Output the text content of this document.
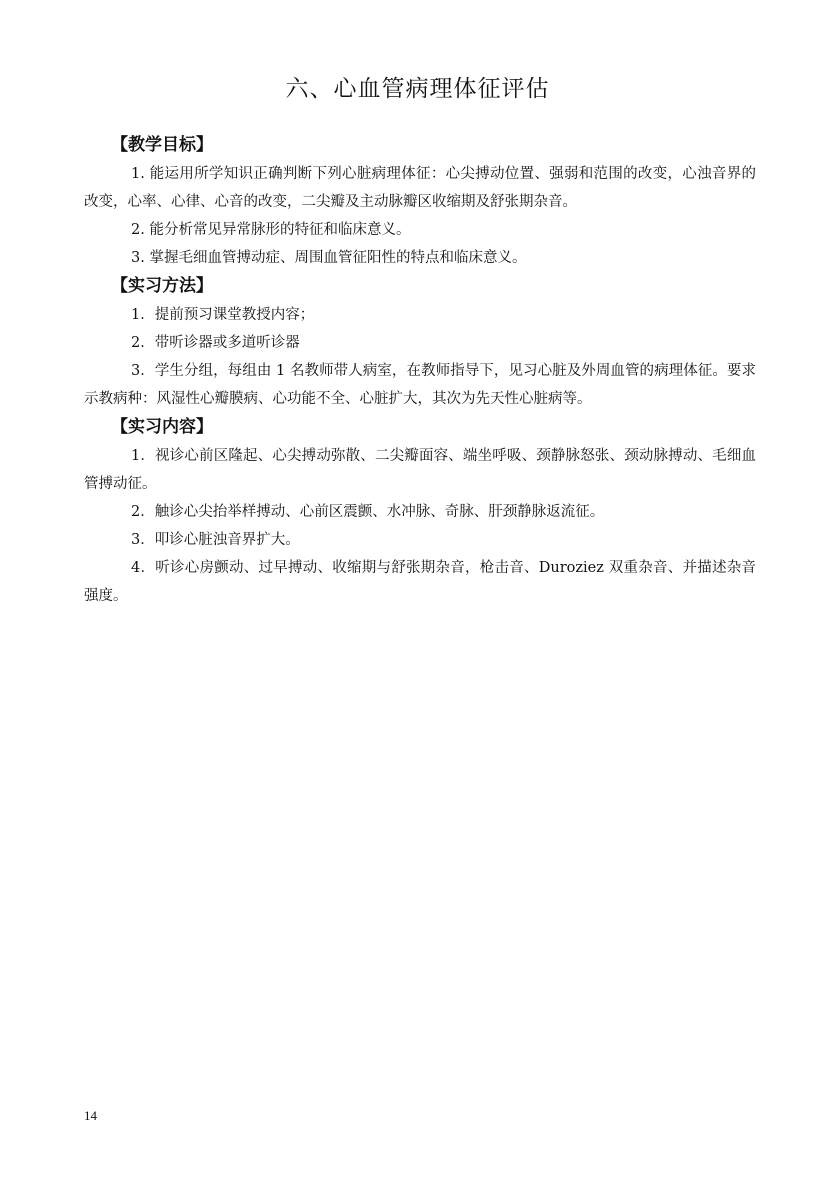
六、心血管病理体征评估
【教学目标】

1. 能运用所学知识正确判断下列心脏病理体征：心尖搏动位置、强弱和范围的改变，心浊音界的改变，心率、心律、心音的改变，二尖瓣及主动脉瓣区收缩期及舒张期杂音。

2. 能分析常见异常脉形的特征和临床意义。

3. 掌握毛细血管搏动症、周围血管征阳性的特点和临床意义。

【实习方法】

1．提前预习课堂教授内容；

2．带听诊器或多道听诊器

3．学生分组，每组由 1 名教师带人病室，在教师指导下，见习心脏及外周血管的病理体征。要求示教病种：风湿性心瓣膜病、心功能不全、心脏扩大，其次为先天性心脏病等。

【实习内容】

1．视诊心前区隆起、心尖搏动弥散、二尖瓣面容、端坐呼吸、颈静脉怒张、颈动脉搏动、毛细血管搏动征。

2．触诊心尖抬举样搏动、心前区震颤、水冲脉、奇脉、肝颈静脉返流征。

3．叩诊心脏浊音界扩大。

4．听诊心房颤动、过早搏动、收缩期与舒张期杂音，枪击音、Duroziez 双重杂音、并描述杂音强度。

14
